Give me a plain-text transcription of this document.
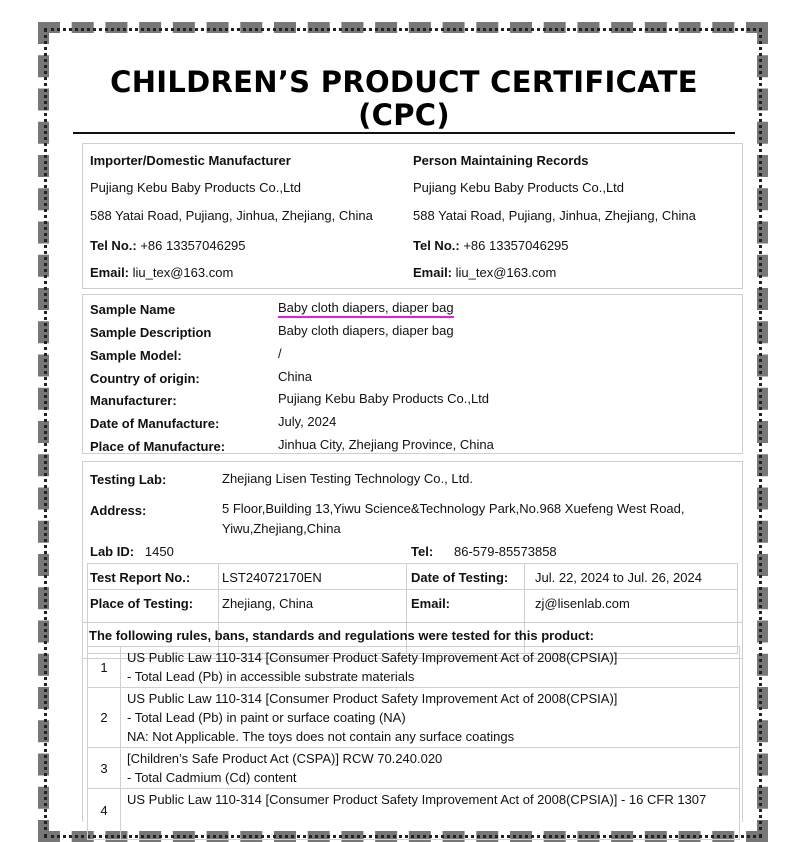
CHILDREN’S PRODUCT CERTIFICATE
(CPC)
Importer/Domestic Manufacturer
Pujiang Kebu Baby Products Co.,Ltd
588 Yatai Road, Pujiang, Jinhua, Zhejiang, China
Tel No.: +86 13357046295
Email: liu_tex@163.com
Person Maintaining Records
Pujiang Kebu Baby Products Co.,Ltd
588 Yatai Road, Pujiang, Jinhua, Zhejiang, China
Tel No.: +86 13357046295
Email: liu_tex@163.com
Sample Name	Baby cloth diapers, diaper bag
Sample Description	Baby cloth diapers, diaper bag
Sample Model:	/
Country of origin:	China
Manufacturer:	Pujiang Kebu Baby Products Co.,Ltd
Date of Manufacture:	July, 2024
Place of Manufacture:	Jinhua City, Zhejiang Province, China
Testing Lab:	Zhejiang Lisen Testing Technology Co., Ltd.
Address:	5 Floor,Building 13,Yiwu Science&Technology Park,No.968 Xuefeng West Road,
Yiwu,Zhejiang,China
Lab ID: 1450	Tel: 86-579-85573858
Test Report No.: LST24072170EN	Date of Testing: Jul. 22, 2024 to Jul. 26, 2024
Place of Testing: Zhejiang, China	Email:	zj@lisenlab.com
The following rules, bans, standards and regulations were tested for this product:
1	US Public Law 110-314 [Consumer Product Safety Improvement Act of 2008(CPSIA)]
- Total Lead (Pb) in accessible substrate materials

2	US Public Law 110-314 [Consumer Product Safety Improvement Act of 2008(CPSIA)]
- Total Lead (Pb) in paint or surface coating (NA)
NA: Not Applicable. The toys does not contain any surface coatings

3	[Children’s Safe Product Act (CSPA)] RCW 70.240.020
- Total Cadmium (Cd) content

4	US Public Law 110-314 [Consumer Product Safety Improvement Act of 2008(CPSIA)] - 16 CFR 1307
